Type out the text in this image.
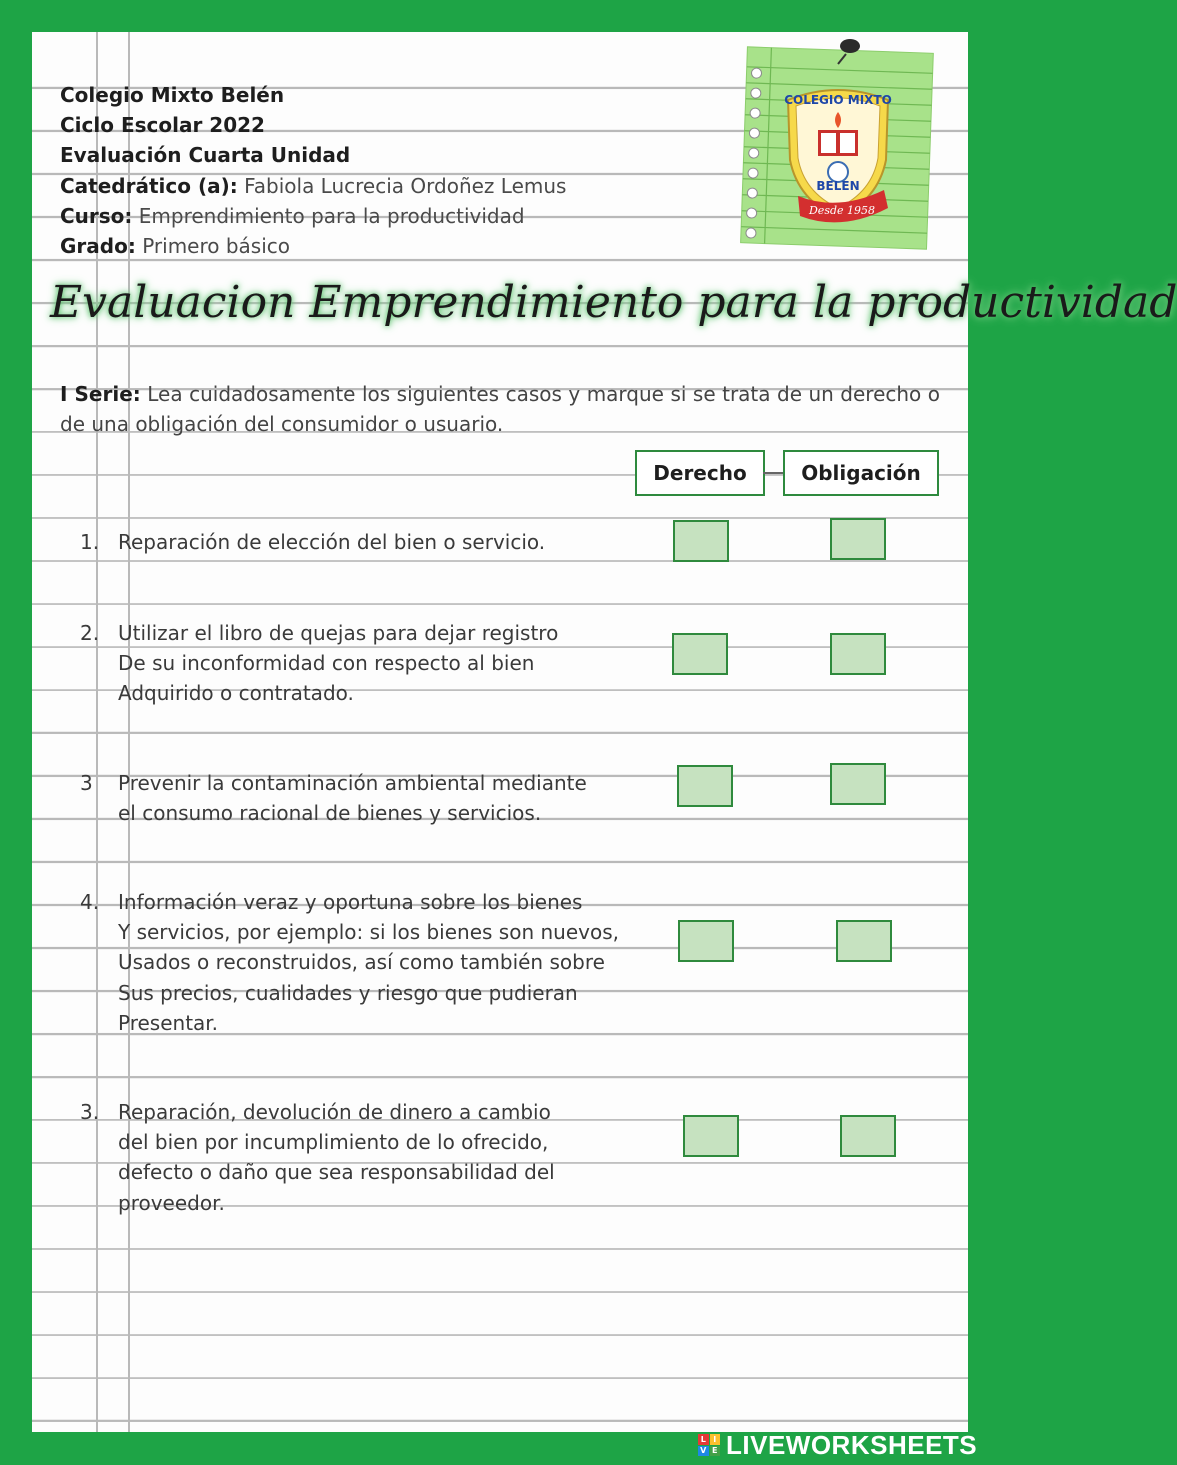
Colegio Mixto Belén
Ciclo Escolar 2022
Evaluación Cuarta Unidad
Catedrático (a): Fabiola Lucrecia Ordoñez Lemus
Curso: Emprendimiento para la productividad
Grado: Primero básico
Evaluacion Emprendimiento para la productividad
I Serie: Lea cuidadosamente los siguientes casos y marque si se trata de un derecho o de una obligación del consumidor o usuario.
Derecho	Obligación
1. Reparación de elección del bien o servicio.
2. Utilizar el libro de quejas para dejar registro
De su inconformidad con respecto al bien
Adquirido o contratado.
3	Prevenir la contaminación ambiental mediante
el consumo racional de bienes y servicios.
4. Información veraz y oportuna sobre los bienes
Y servicios, por ejemplo: si los bienes son nuevos,
Usados o reconstruidos, así como también sobre
Sus precios, cualidades y riesgo que pudieran
Presentar.
3. Reparación, devolución de dinero a cambio
del bien por incumplimiento de lo ofrecido,
defecto o daño que sea responsabilidad del
proveedor.
COLEGIO MIXTO
BELEN
Desde 1958
L I
V E LIVEWORKSHEETS
